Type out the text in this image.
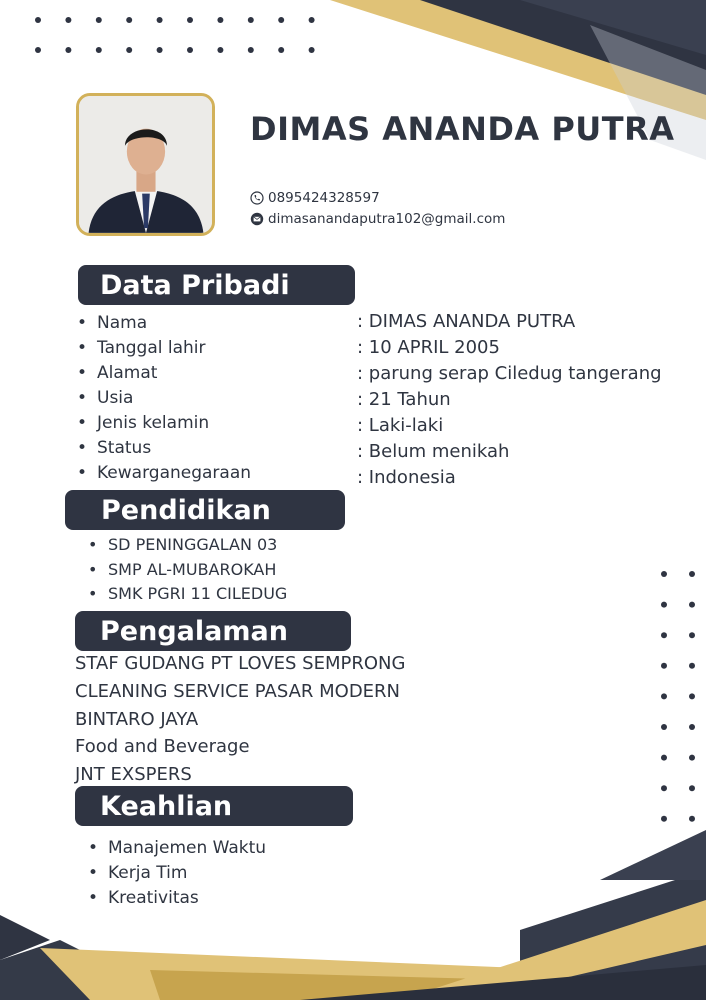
DIMAS ANANDA PUTRA
0895424328597
dimasanandaputra102@gmail.com
Data Pribadi
• Nama
• Tanggal lahir
• Alamat
• Usia
• Jenis kelamin
• Status
• Kewarganegaraan
: DIMAS ANANDA PUTRA
: 10 APRIL 2005
: parung serap Ciledug tangerang
: 21 Tahun
: Laki-laki
: Belum menikah
: Indonesia
Pendidikan
• SD PENINGGALAN 03
• SMP AL-MUBAROKAH
• SMK PGRI 11 CILEDUG
Pengalaman
STAF GUDANG PT LOVES SEMPRONG
CLEANING SERVICE PASAR MODERN
BINTARO JAYA
Food and Beverage
JNT EXSPERS
Keahlian
• Manajemen Waktu
• Kerja Tim
• Kreativitas
